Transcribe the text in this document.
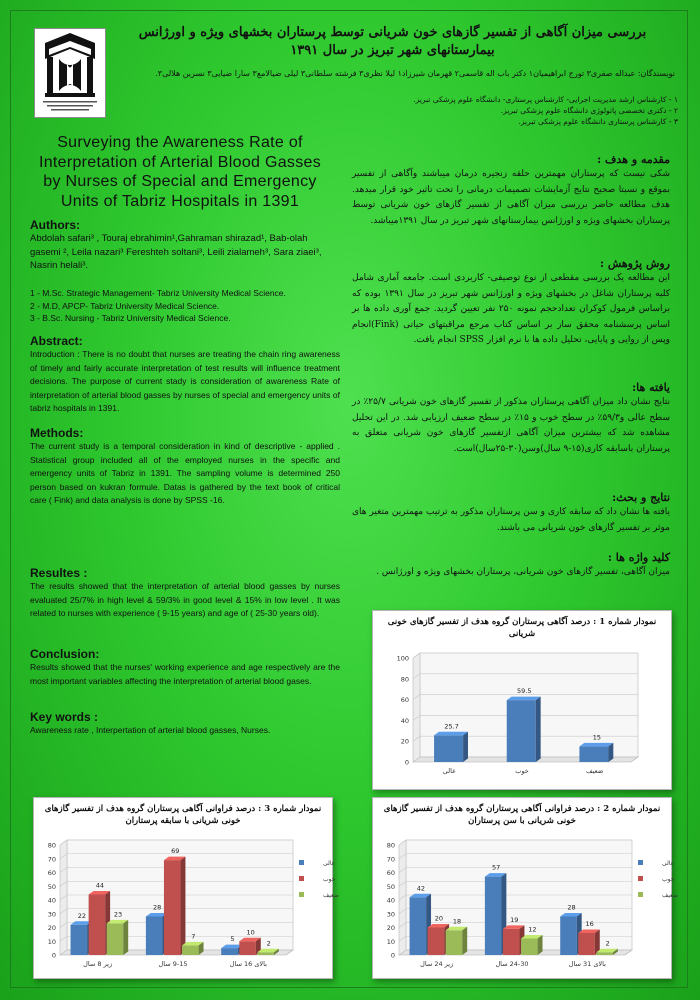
بررسی میزان آگاهی از تفسیر گازهای خون شریانی توسط پرستاران بخشهای ویژه و اورژانس بیمارستانهای شهر تبریز در سال ۱۳۹۱
نویسندگان: عبداله صفری۳ تورج ابراهیمیان۱ دکتر باب اله قاسمی۲ قهرمان شیرزاد۱ لیلا نظری۳ فرشته سلطانی۳ لیلی ضیالامع۳ سارا ضیایی۳ نسرین هلالی۳.
۱ - کارشناس ارشد مدیریت اجرایی- کارشناس پرستاری- دانشگاه علوم پزشکی تبریز.
۲ - دکتری تخصصی پاتولوژی دانشگاه علوم پزشکی تبریز.
۳ - کارشناس پرستاری دانشگاه علوم پزشکی تبریز.
Surveying the Awareness Rate of Interpretation of Arterial Blood Gasses by Nurses of Special and Emergency Units of Tabriz Hospitals in 1391
Authors:

Abdolah safari³ , Touraj ebrahimin¹,Gahraman shirazad¹, Bab-olah gasemi ², Leila nazari³ Fereshteh soltani³, Leili zialameh³, Sara ziaei³, Nasrin helali³.

1 - M.Sc. Strategic Management- Tabriz University Medical Science.
2 - M.D, APCP- Tabriz University Medical Science.
3 - B.Sc. Nursing - Tabriz University Medical Science.
Abstract:

Introduction : There is no doubt that nurses are treating the chain ring awareness of timely and fairly accurate interpretation of test results will influence treatment decisions. The purpose of current stady is consideration of awareness Rate of interpretation of arterial blood gasses by nurses of special and emergency units of tabriz hospitals in 1391.

Methods:

The current study is a temporal consideration in kind of descriptive - applied . Statistical group included all of the employed nurses in the specific and emergency units of Tabriz in 1391. The sampling volume is determined 250 person based on kukran formule. Datas is gathered by the text book of critical care ( Fink) and data analysis is done by SPSS -16.

Resultes :

The results showed that the interpretation of arterial blood gasses by nurses evaluated 25/7% in high level & 59/3% in good level & 15% in low level . It was related to nurses with experience ( 9-15 years) and age of ( 25-30 years old).

Conclusion:

Results showed that the nurses' working experience and age respectively are the most important variables affecting the interpretation of arterial blood gases.

Key words :

Awareness rate , Interpertation of arterial blood gasses, Nurses.

مقدمه و هدف :

شکی نیست که پرستاران مهمترین حلقه زنجیره درمان میباشند وآگاهی از تفسیر بموقع و نسبتا صحیح نتایج آزمایشات تصمیمات درمانی را تحت تاثیر خود قرار میدهد. هدف مطالعه حاضر بررسی میزان آگاهی از تفسیر گازهای خون شریانی توسط پرستاران بخشهای ویژه و اورژانس بیمارستانهای شهر تبریز در سال ۱۳۹۱میباشد.

روش پژوهش :

این مطالعه یک بررسی مقطعی از نوع توصیفی- کاربردی است. جامعه آماری شامل کلیه پرستاران شاغل در بخشهای ویژه و اورژانس شهر تبریز در سال ۱۳۹۱ بوده که براساس فرمول کوکران تعدادحجم نمونه ۲۵۰ نفر تعیین گردید. جمع آوری داده ها بر اساس پرسشنامه محقق ساز بر اساس کتاب مرجع مراقبتهای حیاتی (Fink)انجام وپس از روایی و پایایی، تحلیل داده ها با نرم افزار SPSS انجام یافت.

یافته ها:

نتایج نشان داد میزان آگاهی پرستاران مذکور از تفسیر گازهای خون شریانی ۲۵/۷٪ در سطح عالی و۵۹/۳٪ در سطح خوب و ۱۵٪ در سطح ضعیف ارزیابی شد. در این تحلیل مشاهده شد که بیشترین میزان آگاهی ازتفسیر گازهای خون شریانی متعلق به پرستاران باسابقه کاری(۱۵-۹ سال)وسن(۳۰-۲۵سال)است.

نتایج و بحث:

یافته ها نشان داد که سابقه کاری و سن پرستاران مذکور به ترتیب مهمترین متغیر های موثر بر تفسیر گازهای خون شریانی می باشند.

کلید واژه ها :

میزان آگاهی، تفسیر گازهای خون شریانی، پرستاران بخشهای ویژه و اورژانس .

نمودار شماره 1 : درصد آگاهی پرستاران گروه هدف از تفسیر گازهای خونی شریانی
0
20
40
60
80
100
25.7
عالی
59.5
خوب
15
ضعیف
نمودار شماره 3 : درصد فراوانی آگاهی پرستاران گروه هدف از تفسیر گازهای خونی شریانی با سابقه پرستاران
0
10
20
30
40
50
60
70
80
22
44
23
زیر 8 سال
28
69
7
9-15 سال
5
10
2
بالای 16 سال
عالی
خوب
ضعیف
نمودار شماره 2 : درصد فراوانی آگاهی پرستاران گروه هدف از تفسیر گازهای خونی شریانی با سن پرستاران
0
10
20
30
40
50
60
70
80
42
20 18
زیر 24 سال
57
19
12
24-30 سال
28
16
2
بالای 31 سال
عالی
خوب
ضعیف
